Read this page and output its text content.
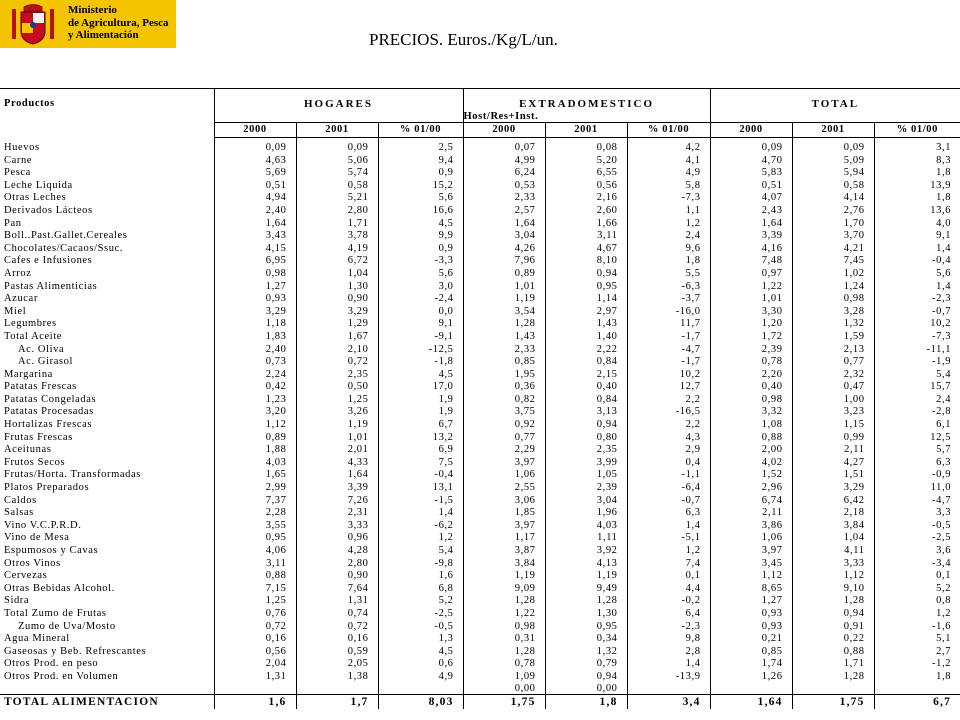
Ministerio
de Agricultura, Pesca
y Alimentación	PRECIOS. Euros./Kg/L/un.
Productos	HOGARES			EXTRADOMESTICO			TOTAL		
				Host/Res+Inst.					
	2000	2001	% 01/00	2000	2001	% 01/00	2000	2001	% 01/00

Huevos	0,09	0,09	2,5	0,07	0,08	4,2	0,09	0,09	3,1
Carne	4,63	5,06	9,4	4,99	5,20	4,1	4,70	5,09	8,3
Pesca	5,69	5,74	0,9	6,24	6,55	4,9	5,83	5,94	1,8
Leche Liquida	0,51	0,58	15,2	0,53	0,56	5,8	0,51	0,58	13,9
Otras Leches	4,94	5,21	5,6	2,33	2,16	-7,3	4,07	4,14	1,8
Derivados Lácteos	2,40	2,80	16,6	2,57	2,60	1,1	2,43	2,76	13,6
Pan	1,64	1,71	4,5	1,64	1,66	1,2	1,64	1,70	4,0
Boll..Past.Gallet.Cereales	3,43	3,78	9,9	3,04	3,11	2,4	3,39	3,70	9,1
Chocolates/Cacaos/Ssuc.	4,15	4,19	0,9	4,26	4,67	9,6	4,16	4,21	1,4
Cafes e Infusiones	6,95	6,72	-3,3	7,96	8,10	1,8	7,48	7,45	-0,4
Arroz	0,98	1,04	5,6	0,89	0,94	5,5	0,97	1,02	5,6
Pastas Alimenticias	1,27	1,30	3,0	1,01	0,95	-6,3	1,22	1,24	1,4
Azucar	0,93	0,90	-2,4	1,19	1,14	-3,7	1,01	0,98	-2,3
Miel	3,29	3,29	0,0	3,54	2,97	-16,0	3,30	3,28	-0,7
Legumbres	1,18	1,29	9,1	1,28	1,43	11,7	1,20	1,32	10,2
Total Aceite	1,83	1,67	-9,1	1,43	1,40	-1,7	1,72	1,59	-7,3
Ac. Oliva	2,40	2,10	-12,5	2,33	2,22	-4,7	2,39	2,13	-11,1
Ac. Girasol	0,73	0,72	-1,8	0,85	0,84	-1,7	0,78	0,77	-1,9
Margarina	2,24	2,35	4,5	1,95	2,15	10,2	2,20	2,32	5,4
Patatas Frescas	0,42	0,50	17,0	0,36	0,40	12,7	0,40	0,47	15,7
Patatas Congeladas	1,23	1,25	1,9	0,82	0,84	2,2	0,98	1,00	2,4
Patatas Procesadas	3,20	3,26	1,9	3,75	3,13	-16,5	3,32	3,23	-2,8
Hortalizas Frescas	1,12	1,19	6,7	0,92	0,94	2,2	1,08	1,15	6,1
Frutas Frescas	0,89	1,01	13,2	0,77	0,80	4,3	0,88	0,99	12,5
Aceitunas	1,88	2,01	6,9	2,29	2,35	2,9	2,00	2,11	5,7
Frutos Secos	4,03	4,33	7,5	3,97	3,99	0,4	4,02	4,27	6,3
Frutas/Horta. Transformadas	1,65	1,64	-0,4	1,06	1,05	-1,1	1,52	1,51	-0,9
Platos Preparados	2,99	3,39	13,1	2,55	2,39	-6,4	2,96	3,29	11,0
Caldos	7,37	7,26	-1,5	3,06	3,04	-0,7	6,74	6,42	-4,7
Salsas	2,28	2,31	1,4	1,85	1,96	6,3	2,11	2,18	3,3
Vino V.C.P.R.D.	3,55	3,33	-6,2	3,97	4,03	1,4	3,86	3,84	-0,5
Vino de Mesa	0,95	0,96	1,2	1,17	1,11	-5,1	1,06	1,04	-2,5
Espumosos y Cavas	4,06	4,28	5,4	3,87	3,92	1,2	3,97	4,11	3,6
Otros Vinos	3,11	2,80	-9,8	3,84	4,13	7,4	3,45	3,33	-3,4
Cervezas	0,88	0,90	1,6	1,19	1,19	0,1	1,12	1,12	0,1
Otras Bebidas Alcohol.	7,15	7,64	6,8	9,09	9,49	4,4	8,65	9,10	5,2
Sidra	1,25	1,31	5,2	1,28	1,28	-0,2	1,27	1,28	0,8
Total Zumo de Frutas	0,76	0,74	-2,5	1,22	1,30	6,4	0,93	0,94	1,2
Zumo de Uva/Mosto	0,72	0,72	-0,5	0,98	0,95	-2,3	0,93	0,91	-1,6
Agua Mineral	0,16	0,16	1,3	0,31	0,34	9,8	0,21	0,22	5,1
Gaseosas y Beb. Refrescantes	0,56	0,59	4,5	1,28	1,32	2,8	0,85	0,88	2,7
Otros Prod. en peso	2,04	2,05	0,6	0,78	0,79	1,4	1,74	1,71	-1,2
Otros Prod. en Volumen	1,31	1,38	4,9	1,09	0,94	-13,9	1,26	1,28	1,8
				0,00	0,00				
TOTAL ALIMENTACION	1,6	1,7	8,03	1,75	1,8	3,4	1,64	1,75	6,7
